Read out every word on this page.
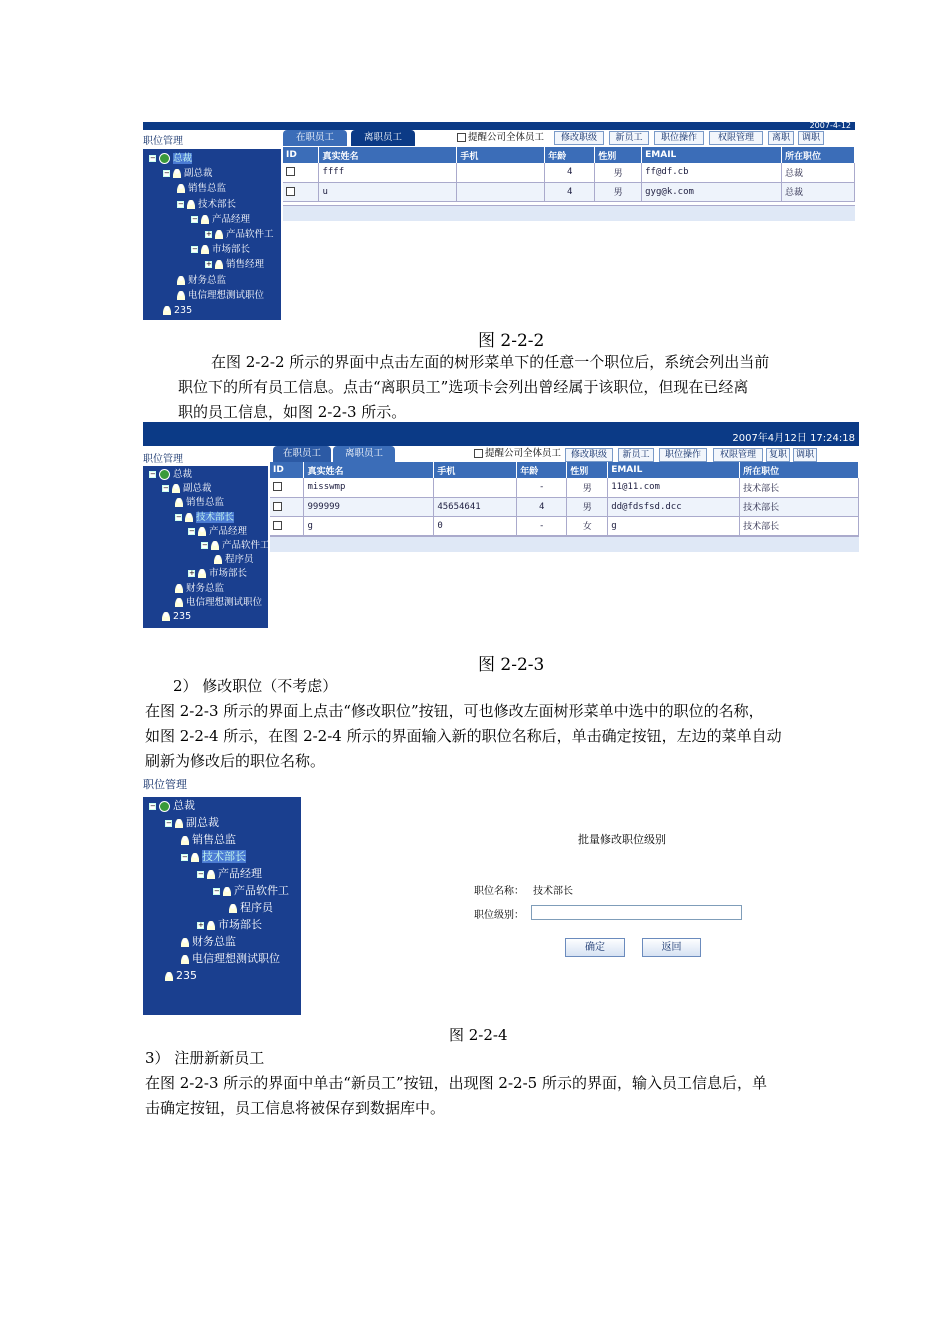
2007-4-12
职位管理
− 总裁
− 副总裁
销售总监
− 技术部长
− 产品经理
+ 产品软件工
− 市场部长
+ 销售经理
财务总监
电信理想测试职位
235
在职员工	离职员工	提醒公司全体员工	修改职级	新员工	职位操作	权限管理	离职	调职
ID	真实姓名	手机	年龄	性别	EMAIL	所在职位
	ffff		4	男	ff@df.cb	总裁
	u		4	男	gyg@k.com	总裁
图 2-2-2
在图 2-2-2 所示的界面中点击左面的树形菜单下的任意一个职位后，系统会列出当前
职位下的所有员工信息。点击“离职员工”选项卡会列出曾经属于该职位，但现在已经离
职的员工信息，如图 2-2-3 所示。
2007年4月12日 17:24:18
职位管理
− 总裁
− 副总裁
销售总监
− 技术部长
− 产品经理
− 产品软件工
程序员
+ 市场部长
财务总监
电信理想测试职位
235
在职员工	离职员工	提醒公司全体员工	修改职级	新员工	职位操作	权限管理	复职 调职
ID	真实姓名	手机	年龄	性别	EMAIL	所在职位
	misswmp		-	男	11@11.com	技术部长
	999999	45654641	4	男	dd@fdsfsd.dcc	技术部长
	g	0	-	女	g	技术部长
图 2-2-3
2） 修改职位（不考虑）
在图 2-2-3 所示的界面上点击“修改职位”按钮，可也修改左面树形菜单中选中的职位的名称，
如图 2-2-4 所示，在图 2-2-4 所示的界面输入新的职位名称后，单击确定按钮，左边的菜单自动
刷新为修改后的职位名称。
职位管理
− 总裁
− 副总裁
销售总监
− 技术部长
− 产品经理
− 产品软件工
程序员
+ 市场部长
财务总监
电信理想测试职位
235
批量修改职位级别
职位名称： 技术部长
职位级别：
确定	返回
图 2-2-4
3） 注册新新员工
在图 2-2-3 所示的界面中单击“新员工”按钮，出现图 2-2-5 所示的界面，输入员工信息后，单
击确定按钮，员工信息将被保存到数据库中。
